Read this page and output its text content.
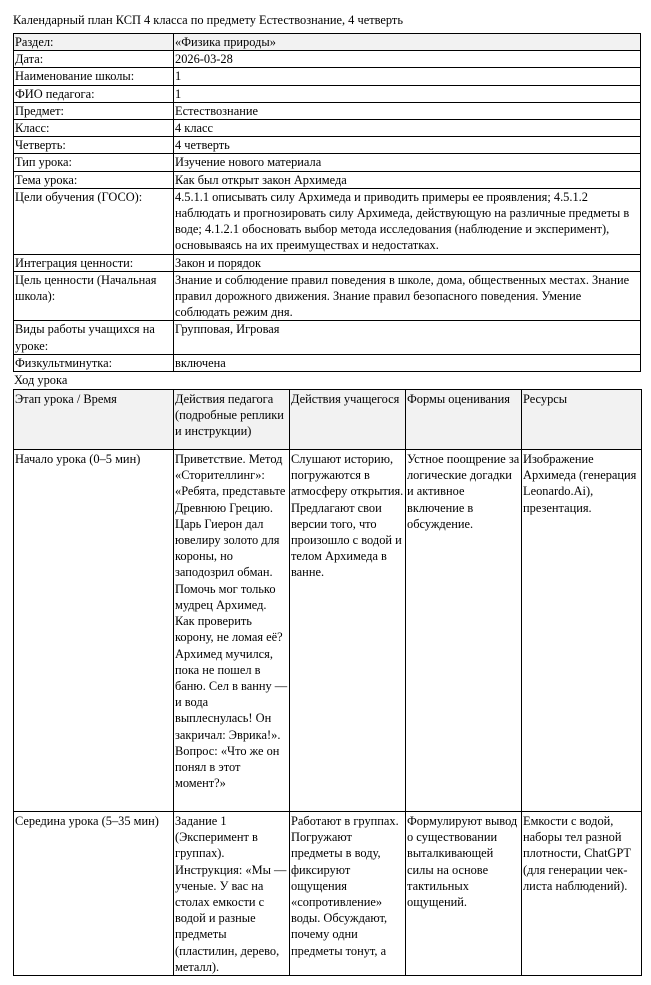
Календарный план КСП 4 класса по предмету Естествознание, 4 четверть
Раздел:	«Физика природы»
Дата:	2026-03-28
Наименование школы:	1
ФИО педагога:	1
Предмет:	Естествознание
Класс:	4 класс
Четверть:	4 четверть
Тип урока:	Изучение нового материала
Тема урока:	Как был открыт закон Архимеда
Цели обучения (ГОСО):	4.5.1.1 описывать силу Архимеда и приводить примеры ее проявления; 4.5.1.2 наблюдать и прогнозировать силу Архимеда, действующую на различные предметы в воде; 4.1.2.1 обосновать выбор метода исследования (наблюдение и эксперимент), основываясь на их преимуществах и недостатках.
Интеграция ценности:	Закон и порядок
Цель ценности (Начальная школа):	Знание и соблюдение правил поведения в школе, дома, общественных местах. Знание правил дорожного движения. Знание правил безопасного поведения. Умение соблюдать режим дня.
Виды работы учащихся на уроке:	Групповая, Игровая
Физкультминутка:	включена
Ход урока
Этап урока / Время	Действия педагога (подробные реплики и инструкции)	Действия учащегося	Формы оценивания	Ресурсы
Начало урока (0–5 мин)	Приветствие. Метод «Сторителлинг»: «Ребята, представьте Древнюю Грецию. Царь Гиерон дал ювелиру золото для короны, но заподозрил обман. Помочь мог только мудрец Архимед. Как проверить корону, не ломая её? Архимед мучился, пока не пошел в баню. Сел в ванну — и вода выплеснулась! Он закричал: Эврика!». Вопрос: «Что же он понял в этот момент?»	Слушают историю, погружаются в атмосферу открытия. Предлагают свои версии того, что произошло с водой и телом Архимеда в ванне.	Устное поощрение за логические догадки и активное включение в обсуждение.	Изображение Архимеда (генерация Leonardo.Ai), презентация.
Середина урока (5–35 мин)	Задание 1 (Эксперимент в группах). Инструкция: «Мы — ученые. У вас на столах емкости с водой и разные предметы (пластилин, дерево, металл).	Работают в группах. Погружают предметы в воду, фиксируют ощущения «сопротивление» воды. Обсуждают, почему одни предметы тонут, а	Формулируют вывод о существовании выталкивающей силы на основе тактильных ощущений.	Емкости с водой, наборы тел разной плотности, ChatGPT (для генерации чек-листа наблюдений).
